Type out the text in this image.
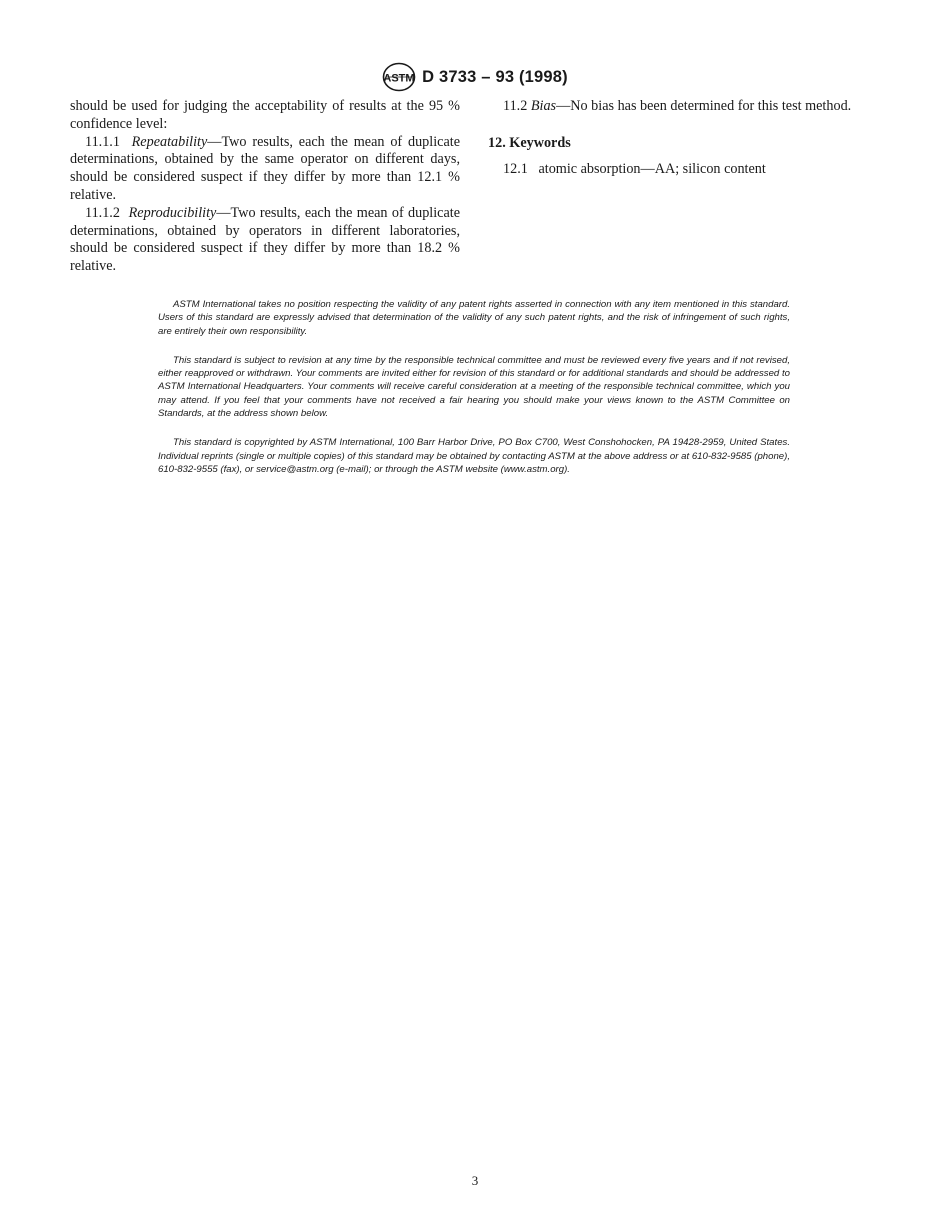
ASTM D 3733 – 93 (1998)

should be used for judging the acceptability of results at the 95 % confidence level:

11.1.1 Repeatability—Two results, each the mean of duplicate determinations, obtained by the same operator on different days, should be considered suspect if they differ by more than 12.1 % relative.

11.1.2 Reproducibility—Two results, each the mean of duplicate determinations, obtained by operators in different laboratories, should be considered suspect if they differ by more than 18.2 % relative.

11.2 Bias—No bias has been determined for this test method.

12. Keywords

12.1 atomic absorption—AA; silicon content

ASTM International takes no position respecting the validity of any patent rights asserted in connection with any item mentioned in this standard. Users of this standard are expressly advised that determination of the validity of any such patent rights, and the risk of infringement of such rights, are entirely their own responsibility.

This standard is subject to revision at any time by the responsible technical committee and must be reviewed every five years and if not revised, either reapproved or withdrawn. Your comments are invited either for revision of this standard or for additional standards and should be addressed to ASTM International Headquarters. Your comments will receive careful consideration at a meeting of the responsible technical committee, which you may attend. If you feel that your comments have not received a fair hearing you should make your views known to the ASTM Committee on Standards, at the address shown below.

This standard is copyrighted by ASTM International, 100 Barr Harbor Drive, PO Box C700, West Conshohocken, PA 19428-2959, United States. Individual reprints (single or multiple copies) of this standard may be obtained by contacting ASTM at the above address or at 610-832-9585 (phone), 610-832-9555 (fax), or service@astm.org (e-mail); or through the ASTM website (www.astm.org).

3
